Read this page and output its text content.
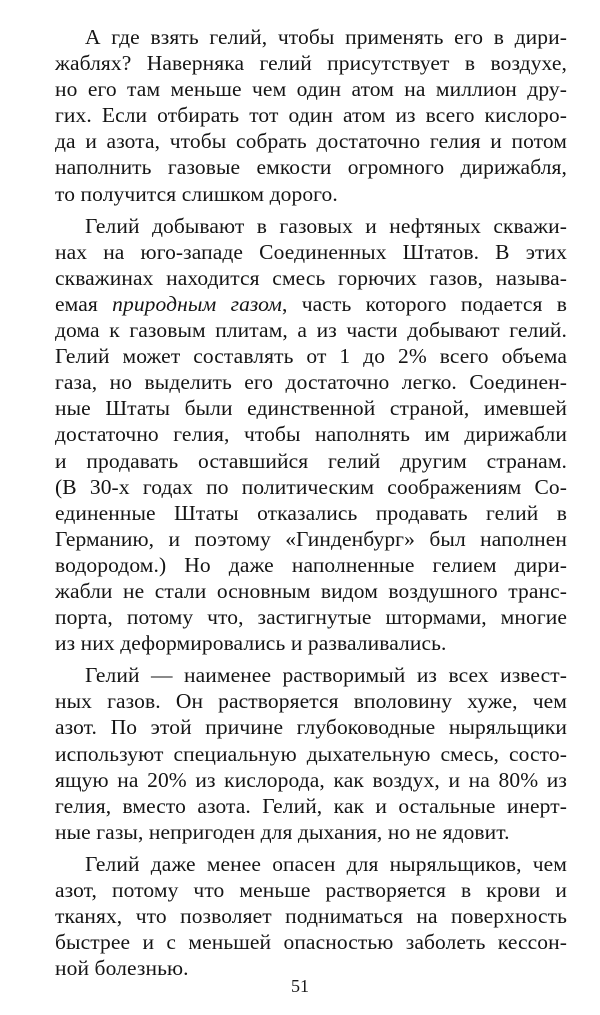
А где взять гелий, чтобы применять его в дири-
жаблях? Наверняка гелий присутствует в воздухе,
но его там меньше чем один атом на миллион дру-
гих. Если отбирать тот один атом из всего кислоро-
да и азота, чтобы собрать достаточно гелия и потом
наполнить газовые емкости огромного дирижабля,
то получится слишком дорого.
Гелий добывают в газовых и нефтяных скважи-
нах на юго-западе Соединенных Штатов. В этих
скважинах находится смесь горючих газов, называ-
емая природным газом, часть которого подается в
дома к газовым плитам, а из части добывают гелий.
Гелий может составлять от 1 до 2% всего объема
газа, но выделить его достаточно легко. Соединен-
ные Штаты были единственной страной, имевшей
достаточно гелия, чтобы наполнять им дирижабли
и продавать оставшийся гелий другим странам.
(В 30-х годах по политическим соображениям Со-
единенные Штаты отказались продавать гелий в
Германию, и поэтому «Гинденбург» был наполнен
водородом.) Но даже наполненные гелием дири-
жабли не стали основным видом воздушного транс-
порта, потому что, застигнутые штормами, многие
из них деформировались и разваливались.
Гелий — наименее растворимый из всех извест-
ных газов. Он растворяется вполовину хуже, чем
азот. По этой причине глубоководные ныряльщики
используют специальную дыхательную смесь, состо-
ящую на 20% из кислорода, как воздух, и на 80% из
гелия, вместо азота. Гелий, как и остальные инерт-
ные газы, непригоден для дыхания, но не ядовит.
Гелий даже менее опасен для ныряльщиков, чем
азот, потому что меньше растворяется в крови и
тканях, что позволяет подниматься на поверхность
быстрее и с меньшей опасностью заболеть кессон-
ной болезнью.
51
